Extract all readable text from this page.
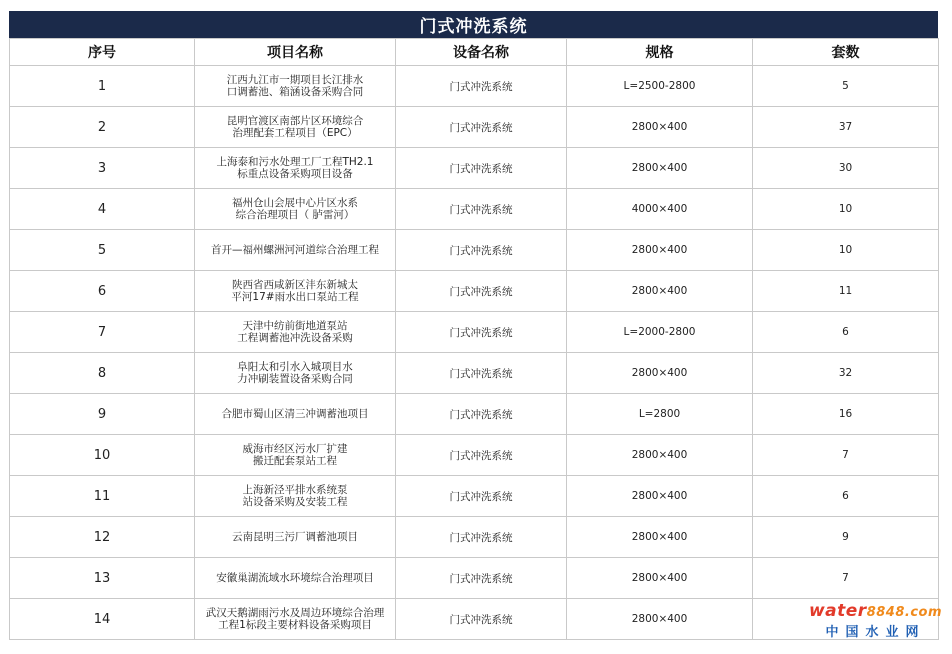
门式冲洗系统
序号	项目名称	设备名称	规格	套数
1	江西九江市一期项目长江排水
口调蓄池、箱涵设备采购合同	门式冲洗系统	L=2500-2800	5
2	昆明官渡区南部片区环境综合
治理配套工程项目（EPC）	门式冲洗系统	2800×400	37
3	上海泰和污水处理工厂工程TH2.1
标重点设备采购项目设备	门式冲洗系统	2800×400	30
4	福州仓山会展中心片区水系
综合治理项目（ 胪雷河）	门式冲洗系统	4000×400	10
5	首开—福州螺洲河河道综合治理工程	门式冲洗系统	2800×400	10
6	陕西省西咸新区沣东新城太
平河17#雨水出口泵站工程	门式冲洗系统	2800×400	11
7	天津中纺前街地道泵站
工程调蓄池冲洗设备采购	门式冲洗系统	L=2000-2800	6
8	阜阳太和引水入城项目水
力冲刷装置设备采购合同	门式冲洗系统	2800×400	32
9	合肥市蜀山区清三冲调蓄池项目	门式冲洗系统	L=2800	16
10	威海市经区污水厂扩建
搬迁配套泵站工程	门式冲洗系统	2800×400	7
11	上海新泾平排水系统泵
站设备采购及安装工程	门式冲洗系统	2800×400	6
12	云南昆明三污厂调蓄池项目	门式冲洗系统	2800×400	9
13	安徽巢湖流域水环境综合治理项目	门式冲洗系统	2800×400	7
14	武汉天鹅湖雨污水及周边环境综合治理
工程1标段主要材料设备采购项目	门式冲洗系统	2800×400		water8848.com
中国水业网
